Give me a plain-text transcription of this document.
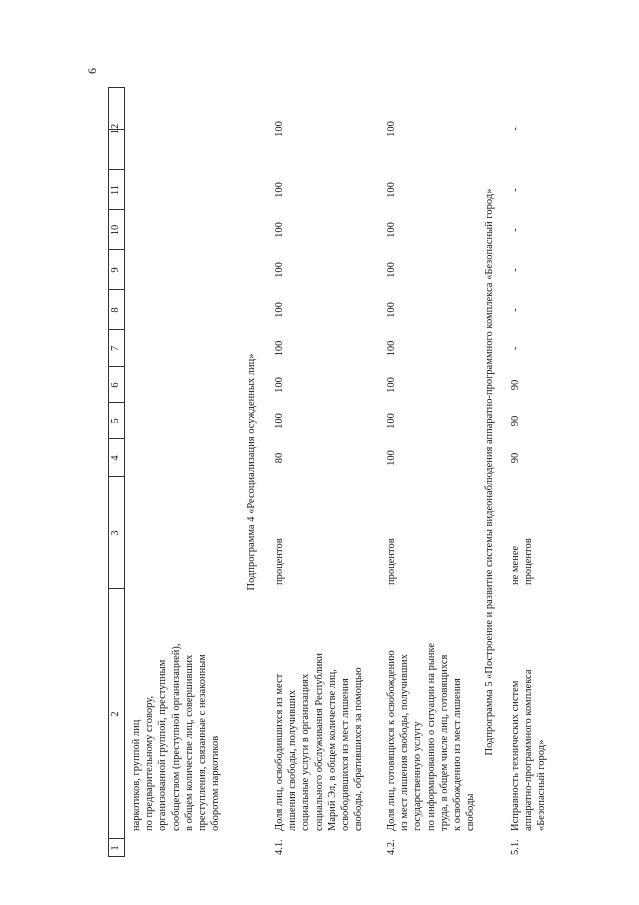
6
1
2
3
4
5
6
7
8
9
10
11
12
наркотиков, группой лиц по предварительному сговору, организованной группой, преступным сообществом (преступной организацией), в общем количестве лиц, совершивших преступления, связанные с незаконным оборотом наркотиков
Подпрограмма 4 «Ресоциализация осужденных лиц»
4.1.
Доля лиц, освободившихся из мест лишения свободы, получивших социальные услуги в организациях социального обслуживания Республики Марий Эл, в общем количестве лиц, освободившихся из мест лишения свободы, обратившихся за помощью
процентов
80
100
100
100
100
100
100
100
100
4.2.
Доля лиц, готовящихся к освобождению из мест лишения свободы, получивших государственную услугу по информированию о ситуации на рынке труда, в общем числе лиц, готовящихся к освобождению из мест лишения свободы
процентов
100
100
100
100
100
100
100
100
100
Подпрограмма 5 «Построение и развитие системы видеонаблюдения аппаратно-программного комплекса «Безопасный город»
5.1.
Исправность технических систем аппаратно-программного комплекса «Безопасный город»
не менее процентов
90
90
90
-
-
-
-
-
-
